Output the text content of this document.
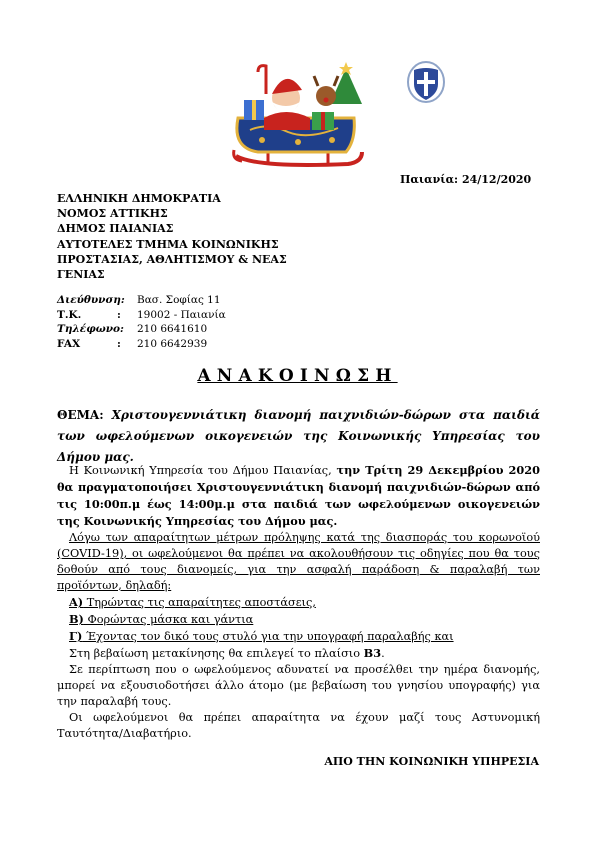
Παιανία: 24/12/2020
ΕΛΛΗΝΙΚΗ ΔΗΜΟΚΡΑΤΙΑ
ΝΟΜΟΣ ΑΤΤΙΚΗΣ
ΔΗΜΟΣ ΠΑΙΑΝΙΑΣ
ΑΥΤΟΤΕΛΕΣ ΤΜΗΜΑ ΚΟΙΝΩΝΙΚΗΣ
ΠΡΟΣΤΑΣΙΑΣ, ΑΘΛΗΤΙΣΜΟΥ & ΝΕΑΣ
ΓΕΝΙΑΣ
Διεύθυνση:	Βασ. Σοφίας 11
Τ.Κ.	:	19002 - Παιανία
Τηλέφωνο:	210 6641610
FAX	:	210 6642939
ΑΝΑΚΟΙΝΩΣΗ
ΘΕΜΑ: Χριστουγεννιάτικη διανομή παιχνιδιών-δώρων στα παιδιά των ωφελούμενων οικογενειών της Κοινωνικής Υπηρεσίας του Δήμου μας.

Η Κοινωνική Υπηρεσία του Δήμου Παιανίας, την Τρίτη 29 Δεκεμβρίου 2020 θα πραγματοποιήσει Χριστουγεννιάτικη διανομή παιχνιδιών-δώρων από τις 10:00π.μ έως 14:00μ.μ στα παιδιά των ωφελούμενων οικογενειών της Κοινωνικής Υπηρεσίας του Δήμου μας.

Λόγω των απαραίτητων μέτρων πρόληψης κατά της διασποράς του κορωνοϊού (COVID-19), οι ωφελούμενοι θα πρέπει να ακολουθήσουν τις οδηγίες που θα τους δοθούν από τους διανομείς, για την ασφαλή παράδοση & παραλαβή των προϊόντων, δηλαδή:

Α) Τηρώντας τις απαραίτητες αποστάσεις,

Β) Φορώντας μάσκα και γάντια

Γ) Έχοντας τον δικό τους στυλό για την υπογραφή παραλαβής και

Στη βεβαίωση μετακίνησης θα επιλεγεί το πλαίσιο Β3.

Σε περίπτωση που ο ωφελούμενος αδυνατεί να προσέλθει την ημέρα διανομής, μπορεί να εξουσιοδοτήσει άλλο άτομο (με βεβαίωση του γνησίου υπογραφής) για την παραλαβή τους.

Οι ωφελούμενοι θα πρέπει απαραίτητα να έχουν μαζί τους Αστυνομική Ταυτότητα/Διαβατήριο.

ΑΠΟ ΤΗΝ ΚΟΙΝΩΝΙΚΗ ΥΠΗΡΕΣΙΑ
